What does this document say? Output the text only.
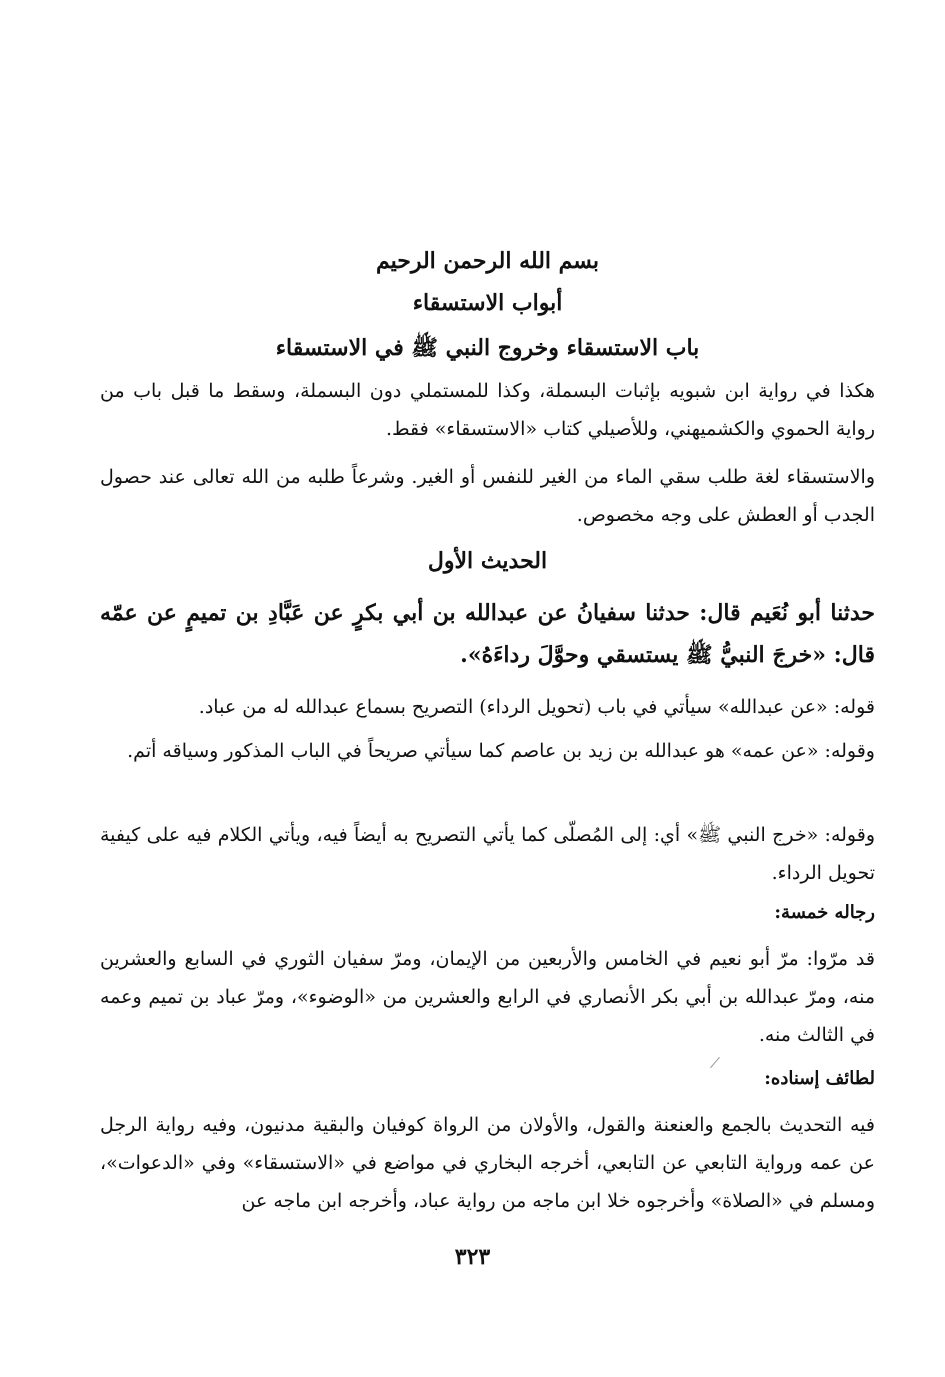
بسم الله الرحمن الرحيم
أبواب الاستسقاء
باب الاستسقاء وخروج النبي ﷺ في الاستسقاء
هكذا في رواية ابن شبويه بإثبات البسملة، وكذا للمستملي دون البسملة، وسقط ما قبل باب من رواية الحموي والكشميهني، وللأصيلي كتاب «الاستسقاء» فقط.
والاستسقاء لغة طلب سقي الماء من الغير للنفس أو الغير. وشرعاً طلبه من الله تعالى عند حصول الجدب أو العطش على وجه مخصوص.
الحديث الأول
حدثنا أبو نُعَيم قال: حدثنا سفيانُ عن عبدالله بن أبي بكرٍ عن عَبَّادِ بن تميمٍ عن عمّه قال: «خرجَ النبيُّ ﷺ يستسقي وحوَّلَ رداءَهُ».
قوله: «عن عبدالله» سيأتي في باب (تحويل الرداء) التصريح بسماع عبدالله له من عباد.
وقوله: «عن عمه» هو عبدالله بن زيد بن عاصم كما سيأتي صريحاً في الباب المذكور وسياقه أتم.
وقوله: «خرج النبي ﷺ» أي: إلى المُصلّى كما يأتي التصريح به أيضاً فيه، ويأتي الكلام فيه على كيفية تحويل الرداء.
رجاله خمسة:
قد مرّوا: مرّ أبو نعيم في الخامس والأربعين من الإيمان، ومرّ سفيان الثوري في السابع والعشرين منه، ومرّ عبدالله بن أبي بكر الأنصاري في الرابع والعشرين من «الوضوء»، ومرّ عباد بن تميم وعمه في الثالث منه.
لطائف إسناده:
فيه التحديث بالجمع والعنعنة والقول، والأولان من الرواة كوفيان والبقية مدنيون، وفيه رواية الرجل عن عمه ورواية التابعي عن التابعي، أخرجه البخاري في مواضع في «الاستسقاء» وفي «الدعوات»، ومسلم في «الصلاة» وأخرجوه خلا ابن ماجه من رواية عباد، وأخرجه ابن ماجه عن
٣٢٣
